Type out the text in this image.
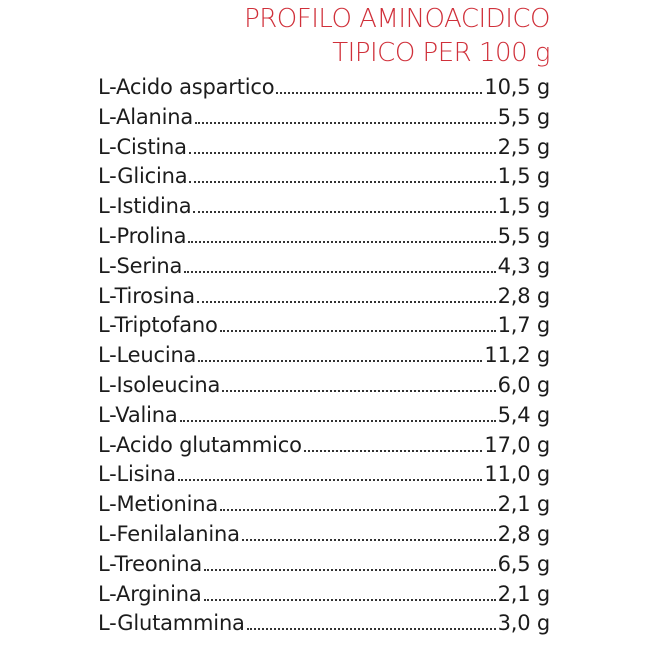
PROFILO AMINOACIDICO
TIPICO PER 100 g
L-Acido aspartico	10,5 g
L-Alanina	5,5 g
L-Cistina	2,5 g
L-Glicina	1,5 g
L-Istidina	1,5 g
L-Prolina	5,5 g
L-Serina	4,3 g
L-Tirosina	2,8 g
L-Triptofano	1,7 g
L-Leucina	11,2 g
L-Isoleucina	6,0 g
L-Valina	5,4 g
L-Acido glutammico	17,0 g
L-Lisina	11,0 g
L-Metionina	2,1 g
L-Fenilalanina	2,8 g
L-Treonina	6,5 g
L-Arginina	2,1 g
L-Glutammina	3,0 g
